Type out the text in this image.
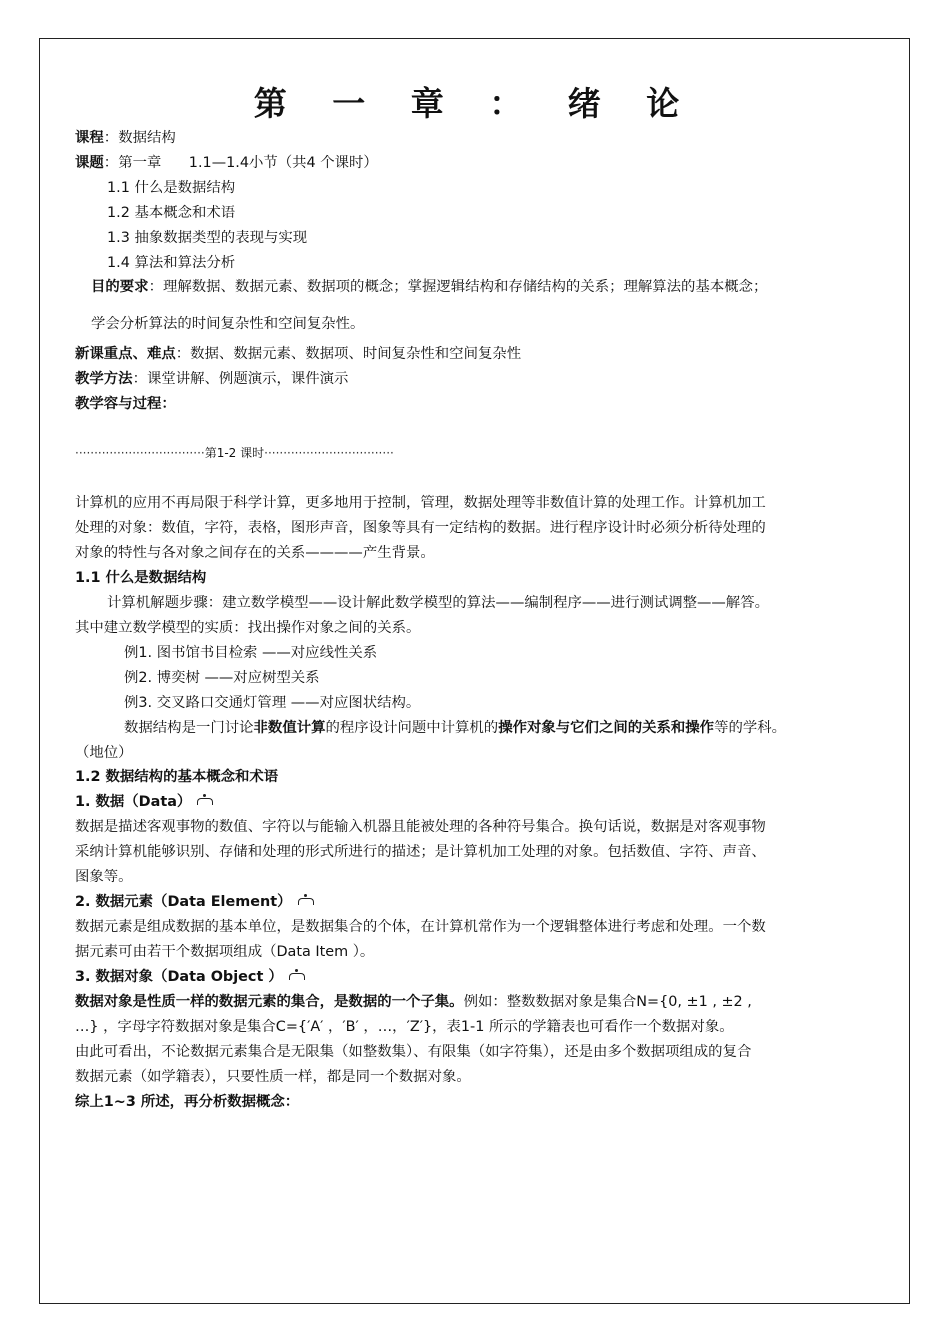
第 一 章 ： 绪 论
课程：数据结构
课题：第一章      1.1—1.4小节（共4 个课时）
1.1 什么是数据结构
1.2 基本概念和术语
1.3 抽象数据类型的表现与实现
1.4 算法和算法分析
目的要求：理解数据、数据元素、数据项的概念；掌握逻辑结构和存储结构的关系；理解算法的基本概念；
学会分析算法的时间复杂性和空间复杂性。
新课重点、难点：数据、数据元素、数据项、时间复杂性和空间复杂性
教学方法：课堂讲解、例题演示，课件演示
教学容与过程：
··································第1-2 课时··································
计算机的应用不再局限于科学计算，更多地用于控制，管理，数据处理等非数值计算的处理工作。计算机加工
处理的对象：数值，字符，表格，图形声音，图象等具有一定结构的数据。进行程序设计时必须分析待处理的
对象的特性与各对象之间存在的关系————产生背景。
1.1 什么是数据结构
计算机解题步骤：建立数学模型——设计解此数学模型的算法——编制程序——进行测试调整——解答。
其中建立数学模型的实质：找出操作对象之间的关系。
例1. 图书馆书目检索 ——对应线性关系
例2. 博奕树 ——对应树型关系
例3. 交叉路口交通灯管理 ——对应图状结构。
数据结构是一门讨论非数值计算的程序设计问题中计算机的操作对象与它们之间的关系和操作等的学科。
（地位）
1.2 数据结构的基本概念和术语
1. 数据（Data）
数据是描述客观事物的数值、字符以与能输入机器且能被处理的各种符号集合。换句话说，数据是对客观事物
采纳计算机能够识别、存储和处理的形式所进行的描述；是计算机加工处理的对象。包括数值、字符、声音、
图象等。
2. 数据元素（Data Element）
数据元素是组成数据的基本单位，是数据集合的个体，在计算机常作为一个逻辑整体进行考虑和处理。一个数
据元素可由若干个数据项组成（Data Item ）。
3. 数据对象（Data Object ）
数据对象是性质一样的数据元素的集合，是数据的一个子集。例如：整数数据对象是集合N={0, ±1 , ±2 ,
…} ，字母字符数据对象是集合C={′A′ ，′B′ ，…，′Z′}，表1-1 所示的学籍表也可看作一个数据对象。
由此可看出，不论数据元素集合是无限集（如整数集）、有限集（如字符集），还是由多个数据项组成的复合
数据元素（如学籍表），只要性质一样，都是同一个数据对象。
综上1~3 所述，再分析数据概念：
